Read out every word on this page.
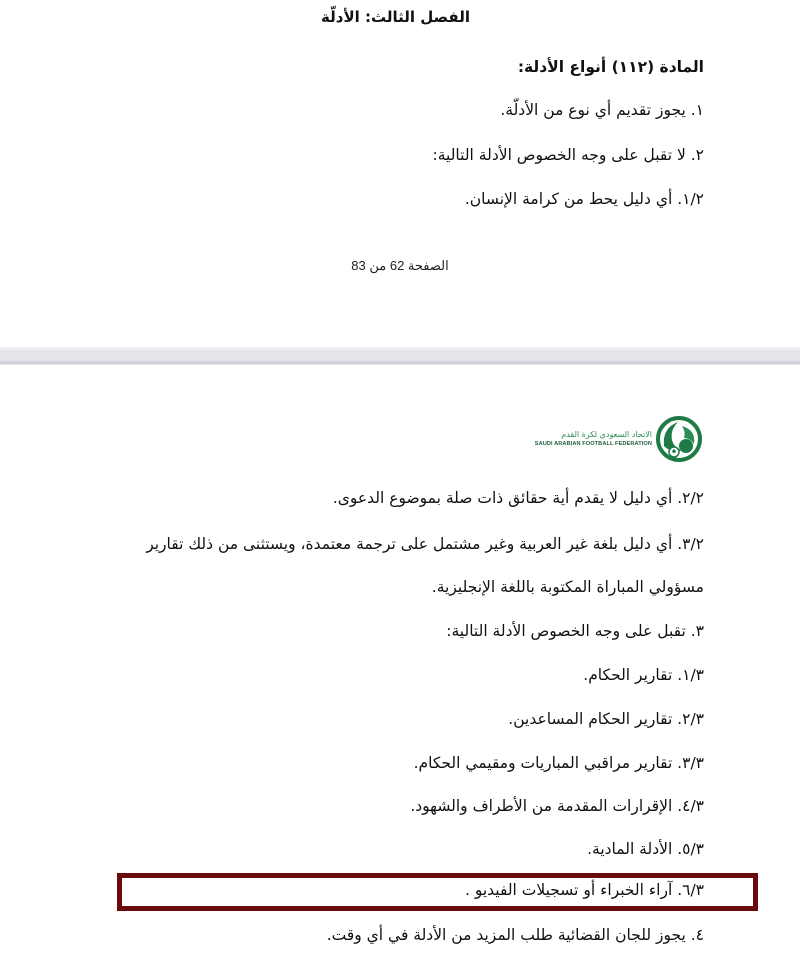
الفصل الثالث: الأدلّة
المادة (١١٢) أنواع الأدلة:
١. يجوز تقديم أي نوع من الأدلّة.
٢. لا تقبل على وجه الخصوص الأدلة التالية:
١/٢. أي دليل يحط من كرامة الإنسان.
الصفحة 62 من 83
الاتحاد السعودي لكرة القدم
SAUDI ARABIAN FOOTBALL FEDERATION
٢/٢. أي دليل لا يقدم أية حقائق ذات صلة بموضوع الدعوى.
٣/٢. أي دليل بلغة غير العربية وغير مشتمل على ترجمة معتمدة، ويستثنى من ذلك تقارير
مسؤولي المباراة المكتوبة باللغة الإنجليزية.
٣. تقبل على وجه الخصوص الأدلة التالية:
١/٣. تقارير الحكام.
٢/٣. تقارير الحكام المساعدين.
٣/٣. تقارير مراقبي المباريات ومقيمي الحكام.
٤/٣. الإقرارات المقدمة من الأطراف والشهود.
٥/٣. الأدلة المادية.
٦/٣. آراء الخبراء أو تسجيلات الفيديو .
٤. يجوز للجان القضائية طلب المزيد من الأدلة في أي وقت.
